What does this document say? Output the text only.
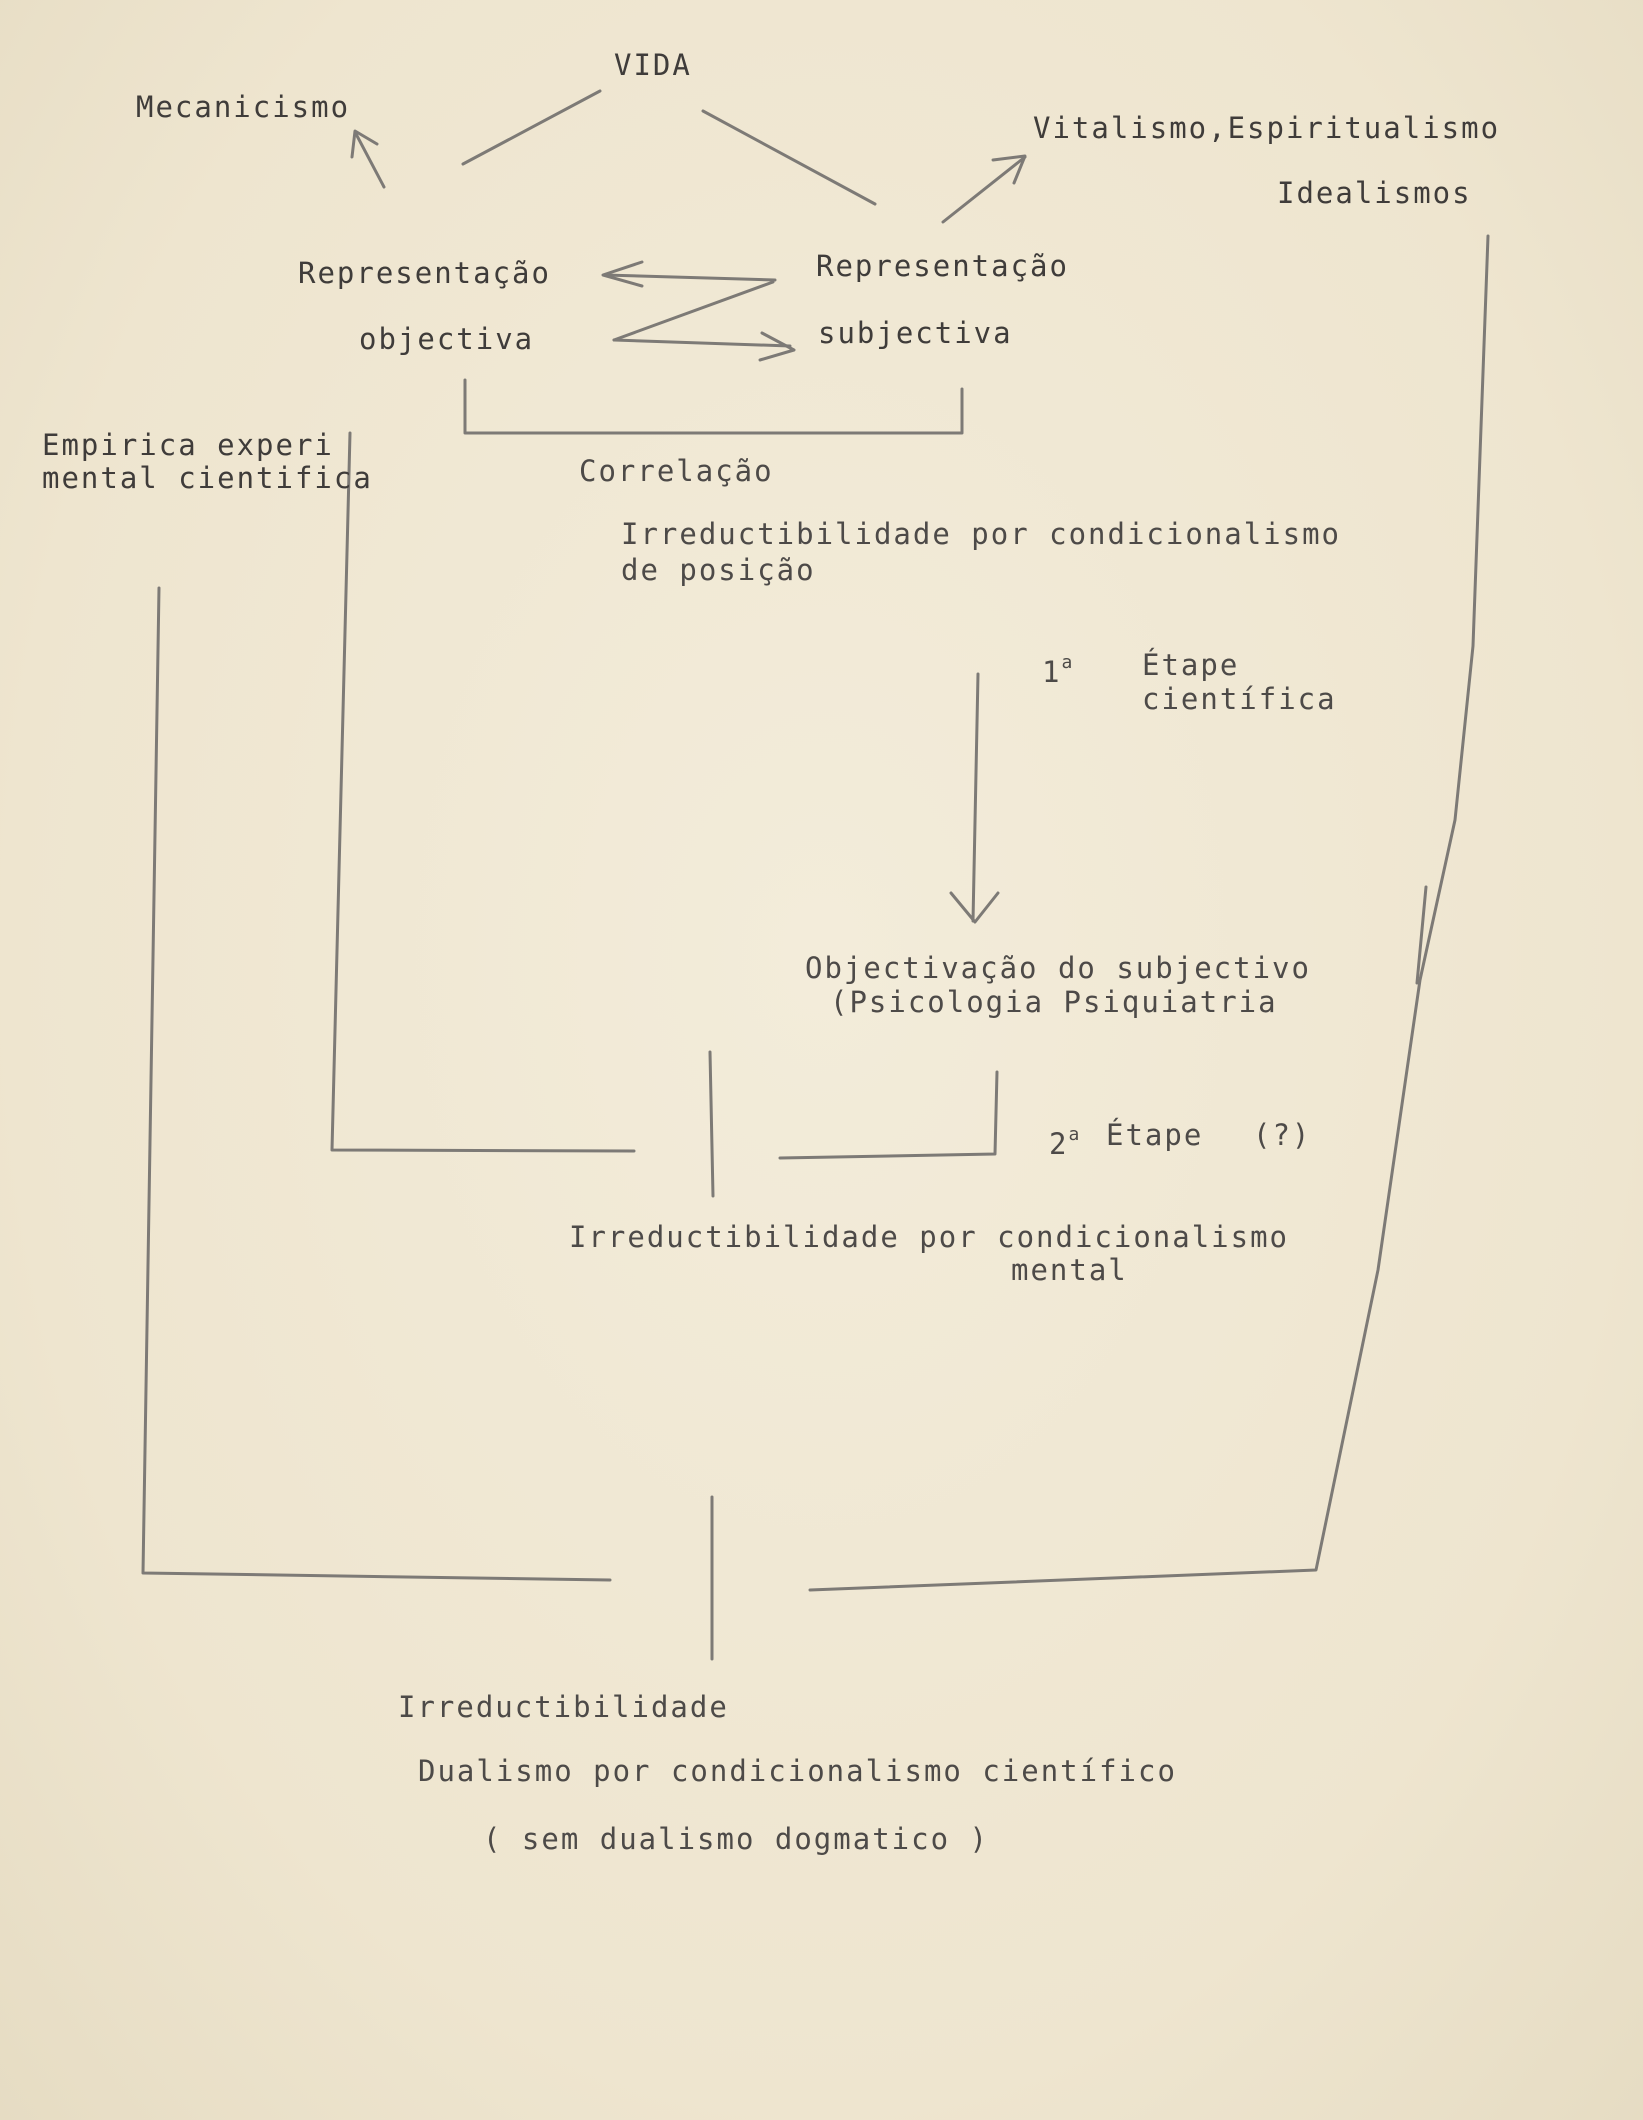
VIDA
Mecanicismo
Vitalismo,Espiritualismo
Idealismos
Representação
objectiva
Representação
subjectiva
Correlação
Empirica experi
mental cientifica
Irreductibilidade por condicionalismo
de posição
1$^a$ Étape
científica
Objectivação do subjectivo
(Psicologia Psiquiatria
2$^a$ Étape (?)
Irreductibilidade por condicionalismo
mental
Irreductibilidade
Dualismo por condicionalismo científico
( sem dualismo dogmatico )
